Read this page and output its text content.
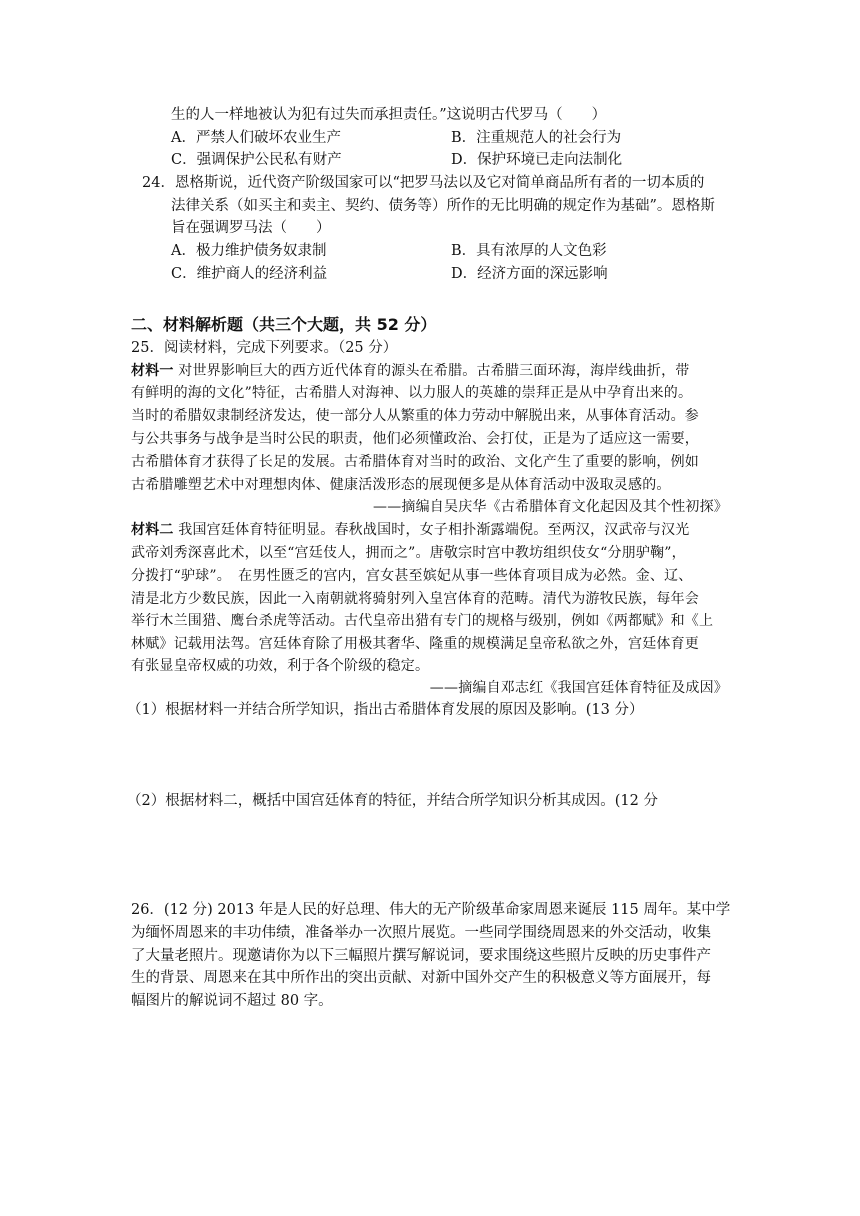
生的人一样地被认为犯有过失而承担责任。”这说明古代罗马（　　）
A．严禁人们破坏农业生产	B．注重规范人的社会行为
C．强调保护公民私有财产	D．保护环境已走向法制化
24．恩格斯说，近代资产阶级国家可以“把罗马法以及它对简单商品所有者的一切本质的
法律关系（如买主和卖主、契约、债务等）所作的无比明确的规定作为基础”。恩格斯
旨在强调罗马法（　　）
A．极力维护债务奴隶制	B．具有浓厚的人文色彩
C．维护商人的经济利益	D．经济方面的深远影响
二、材料解析题（共三个大题，共 52 分）
25．阅读材料，完成下列要求。（25 分）
材料一 对世界影响巨大的西方近代体育的源头在希腊。古希腊三面环海，海岸线曲折，带
有鲜明的海的文化”特征，古希腊人对海神、以力服人的英雄的崇拜正是从中孕育出来的。
当时的希腊奴隶制经济发达，使一部分人从繁重的体力劳动中解脱出来，从事体育活动。参
与公共事务与战争是当时公民的职责，他们必须懂政治、会打仗，正是为了适应这一需要，
古希腊体育才获得了长足的发展。古希腊体育对当时的政治、文化产生了重要的影响，例如
古希腊雕塑艺术中对理想肉体、健康活泼形态的展现便多是从体育活动中汲取灵感的。
——摘编自吴庆华《古希腊体育文化起因及其个性初探》
材料二 我国宫廷体育特征明显。春秋战国时，女子相扑渐露端倪。至两汉，汉武帝与汉光
武帝刘秀深喜此术，以至“宫廷伎人，拥而之”。唐敬宗时宫中教坊组织伎女“分朋驴鞠”，
分拨打“驴球”。　在男性匮乏的宫内，宫女甚至嫔妃从事一些体育项目成为必然。金、辽、
清是北方少数民族，因此一入南朝就将骑射列入皇宫体育的范畴。清代为游牧民族，每年会
举行木兰围猎、鹰台杀虎等活动。古代皇帝出猎有专门的规格与级别，例如《两都赋》和《上
林赋》记载用法驾。宫廷体育除了用极其奢华、隆重的规模满足皇帝私欲之外，宫廷体育更
有张显皇帝权威的功效，利于各个阶级的稳定。
——摘编自邓志红《我国宫廷体育特征及成因》
（1）根据材料一并结合所学知识，指出古希腊体育发展的原因及影响。(13 分）
（2）根据材料二，概括中国宫廷体育的特征，并结合所学知识分析其成因。(12 分
26．(12 分) 2013 年是人民的好总理、伟大的无产阶级革命家周恩来诞辰 115 周年。某中学
为缅怀周恩来的丰功伟绩，准备举办一次照片展览。一些同学围绕周恩来的外交活动，收集
了大量老照片。现邀请你为以下三幅照片撰写解说词，要求围绕这些照片反映的历史事件产
生的背景、周恩来在其中所作出的突出贡献、对新中国外交产生的积极意义等方面展开，每
幅图片的解说词不超过 80 字。
